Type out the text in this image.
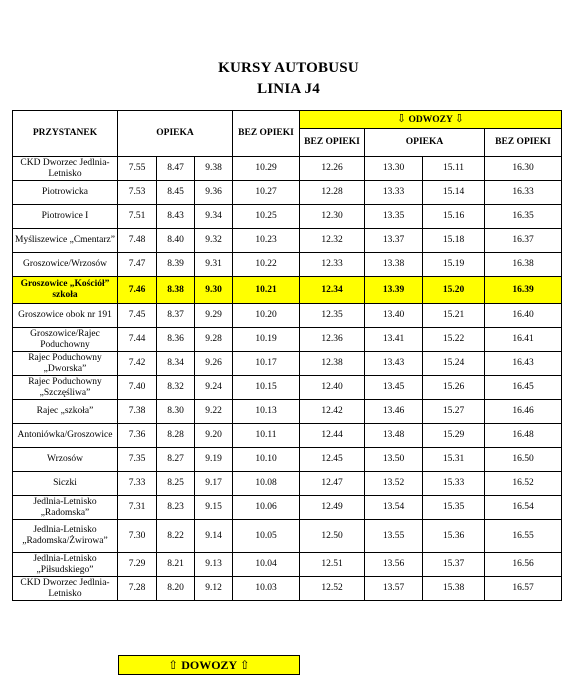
KURSY AUTOBUSU
LINIA J4
PRZYSTANEK	OPIEKA			BEZ OPIEKI	⇩ ODWOZY ⇩			
					BEZ OPIEKI	OPIEKA		BEZ OPIEKI
CKD Dworzec Jedlnia-Letnisko	7.55	8.47	9.38	10.29	12.26	13.30	15.11	16.30
Piotrowicka	7.53	8.45	9.36	10.27	12.28	13.33	15.14	16.33
Piotrowice I	7.51	8.43	9.34	10.25	12.30	13.35	15.16	16.35
Myśliszewice „Cmentarz”	7.48	8.40	9.32	10.23	12.32	13.37	15.18	16.37
Groszowice/Wrzosów	7.47	8.39	9.31	10.22	12.33	13.38	15.19	16.38
Groszowice „Kościół” szkoła	7.46	8.38	9.30	10.21	12.34	13.39	15.20	16.39
Groszowice obok nr 191	7.45	8.37	9.29	10.20	12.35	13.40	15.21	16.40
Groszowice/Rajec Poduchowny	7.44	8.36	9.28	10.19	12.36	13.41	15.22	16.41
Rajec Poduchowny „Dworska”	7.42	8.34	9.26	10.17	12.38	13.43	15.24	16.43
Rajec Poduchowny „Szczęśliwa”	7.40	8.32	9.24	10.15	12.40	13.45	15.26	16.45
Rajec „szkoła”	7.38	8.30	9.22	10.13	12.42	13.46	15.27	16.46
Antoniówka/Groszowice	7.36	8.28	9.20	10.11	12.44	13.48	15.29	16.48
Wrzosów	7.35	8.27	9.19	10.10	12.45	13.50	15.31	16.50
Siczki	7.33	8.25	9.17	10.08	12.47	13.52	15.33	16.52
Jedlnia-Letnisko „Radomska”	7.31	8.23	9.15	10.06	12.49	13.54	15.35	16.54
Jedlnia-Letnisko „Radomska/Żwirowa”	7.30	8.22	9.14	10.05	12.50	13.55	15.36	16.55
Jedlnia-Letnisko „Piłsudskiego”	7.29	8.21	9.13	10.04	12.51	13.56	15.37	16.56
CKD Dworzec Jedlnia-Letnisko	7.28	8.20	9.12	10.03	12.52	13.57	15.38	16.57
⇧ DOWOZY ⇧
